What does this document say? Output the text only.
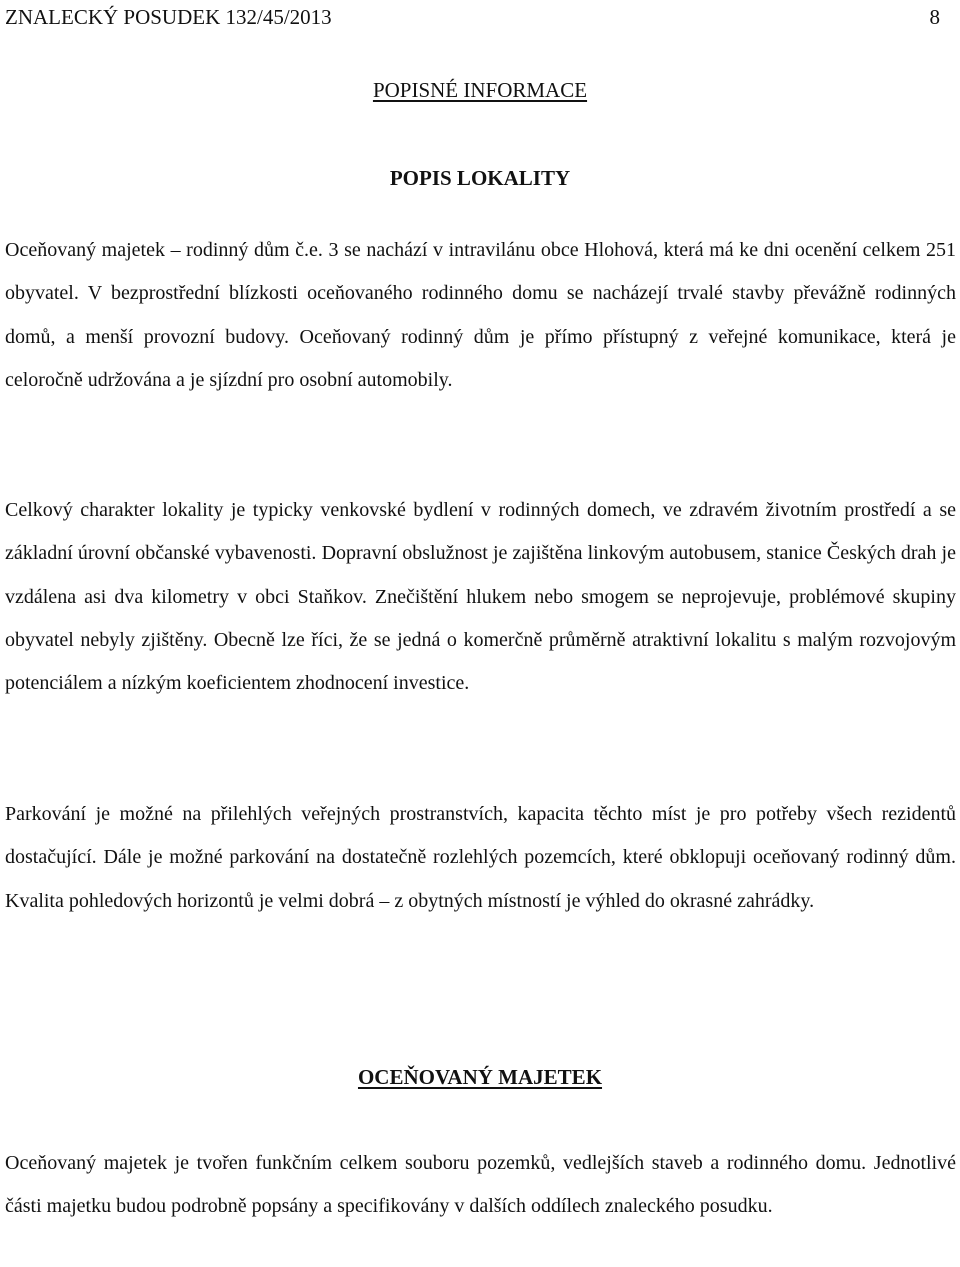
ZNALECKÝ POSUDEK 132/45/2013	8
POPISNÉ INFORMACE
POPIS LOKALITY

Oceňovaný majetek – rodinný dům č.e. 3 se nachází v intravilánu obce Hlohová, která má ke dni ocenění celkem 251 obyvatel. V bezprostřední blízkosti oceňovaného rodinného domu se nacházejí trvalé stavby převážně rodinných domů, a menší provozní budovy. Oceňovaný rodinný dům je přímo přístupný z veřejné komunikace, která je celoročně udržována a je sjízdní pro osobní automobily.

Celkový charakter lokality je typicky venkovské bydlení v rodinných domech, ve zdravém životním prostředí a se základní úrovní občanské vybavenosti. Dopravní obslužnost je zajištěna linkovým autobusem, stanice Českých drah je vzdálena asi dva kilometry v obci Staňkov. Znečištění hlukem nebo smogem se neprojevuje, problémové skupiny obyvatel nebyly zjištěny. Obecně lze říci, že se jedná o komerčně průměrně atraktivní lokalitu s malým rozvojovým potenciálem a nízkým koeficientem zhodnocení investice.

Parkování je možné na přilehlých veřejných prostranstvích, kapacita těchto míst je pro potřeby všech rezidentů dostačující. Dále je možné parkování na dostatečně rozlehlých pozemcích, které obklopuji oceňovaný rodinný dům. Kvalita pohledových horizontů je velmi dobrá – z obytných místností je výhled do okrasné zahrádky.

OCEŇOVANÝ MAJETEK

Oceňovaný majetek je tvořen funkčním celkem souboru pozemků, vedlejších staveb a rodinného domu. Jednotlivé části majetku budou podrobně popsány a specifikovány v dalších oddílech znaleckého posudku.
